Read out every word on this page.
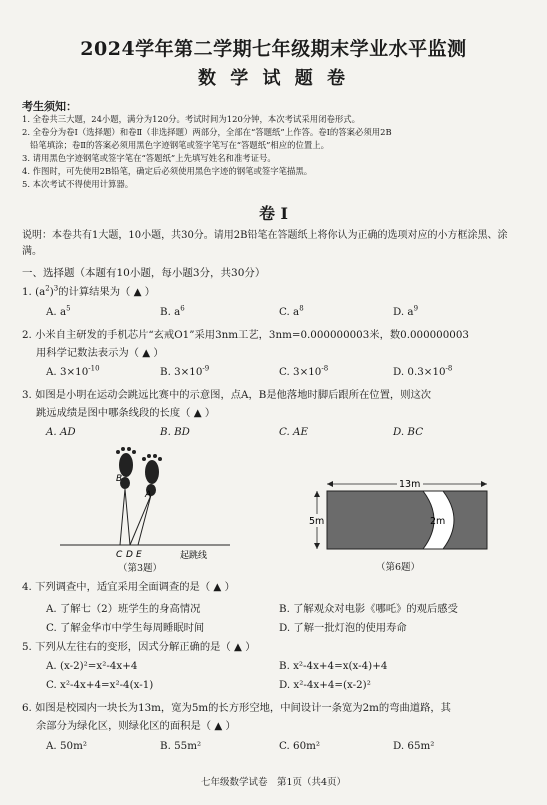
2024学年第二学期七年级期末学业水平监测
数 学 试 题 卷
考生须知：
1. 全卷共三大题，24小题，满分为120分。考试时间为120分钟，本次考试采用闭卷形式。
2. 全卷分为卷Ⅰ（选择题）和卷Ⅱ（非选择题）两部分，全部在“答题纸”上作答。卷Ⅰ的答案必须用2B
铅笔填涂；卷Ⅱ的答案必须用黑色字迹钢笔或签字笔写在“答题纸”相应的位置上。
3. 请用黑色字迹钢笔或签字笔在“答题纸”上先填写姓名和准考证号。
4. 作图时，可先使用2B铅笔，确定后必须使用黑色字迹的钢笔或签字笔描黑。
5. 本次考试不得使用计算器。
卷 Ⅰ
说明：本卷共有1大题，10小题，共30分。请用2B铅笔在答题纸上将你认为正确的选项对应的小方框涂黑、涂满。
一、选择题（本题有10小题，每小题3分，共30分）
1. $(a^2)^3$的计算结果为（ ▲ ）
A. $a^5$	B. $a^6$	C. $a^8$	D. $a^9$
2. 小米自主研发的手机芯片“玄戒O1”采用3nm工艺，3nm=0.000000003米，数0.000000003
用科学记数法表示为（ ▲ ）
A. $3\times 10^{-10}$	B. $3\times 10^{-9}$	C. $3\times 10^{-8}$	D. $0.3\times 10^{-8}$
3. 如图是小明在运动会跳远比赛中的示意图，点A，B是他落地时脚后跟所在位置，则这次
跳远成绩是图中哪条线段的长度（ ▲ ）
A. AD	B. BD	C. AE	D. BC
B
A
C D E	起跳线
（第3题）
13m
5m	2m
（第6题）
4. 下列调查中，适宜采用全面调查的是（ ▲ ）
A. 了解七（2）班学生的身高情况	B. 了解观众对电影《哪吒》的观后感受
C. 了解金华市中学生每周睡眠时间	D. 了解一批灯泡的使用寿命
5. 下列从左往右的变形，因式分解正确的是（ ▲ ）
A. (x-2)²=x²-4x+4	B. x²-4x+4=x(x-4)+4
C. x²-4x+4=x²-4(x-1)	D. x²-4x+4=(x-2)²
6. 如图是校园内一块长为13m，宽为5m的长方形空地，中间设计一条宽为2m的弯曲道路，其
余部分为绿化区，则绿化区的面积是（ ▲ ）
A. 50m²	B. 55m²	C. 60m²	D. 65m²
七年级数学试卷　第1页（共4页）
